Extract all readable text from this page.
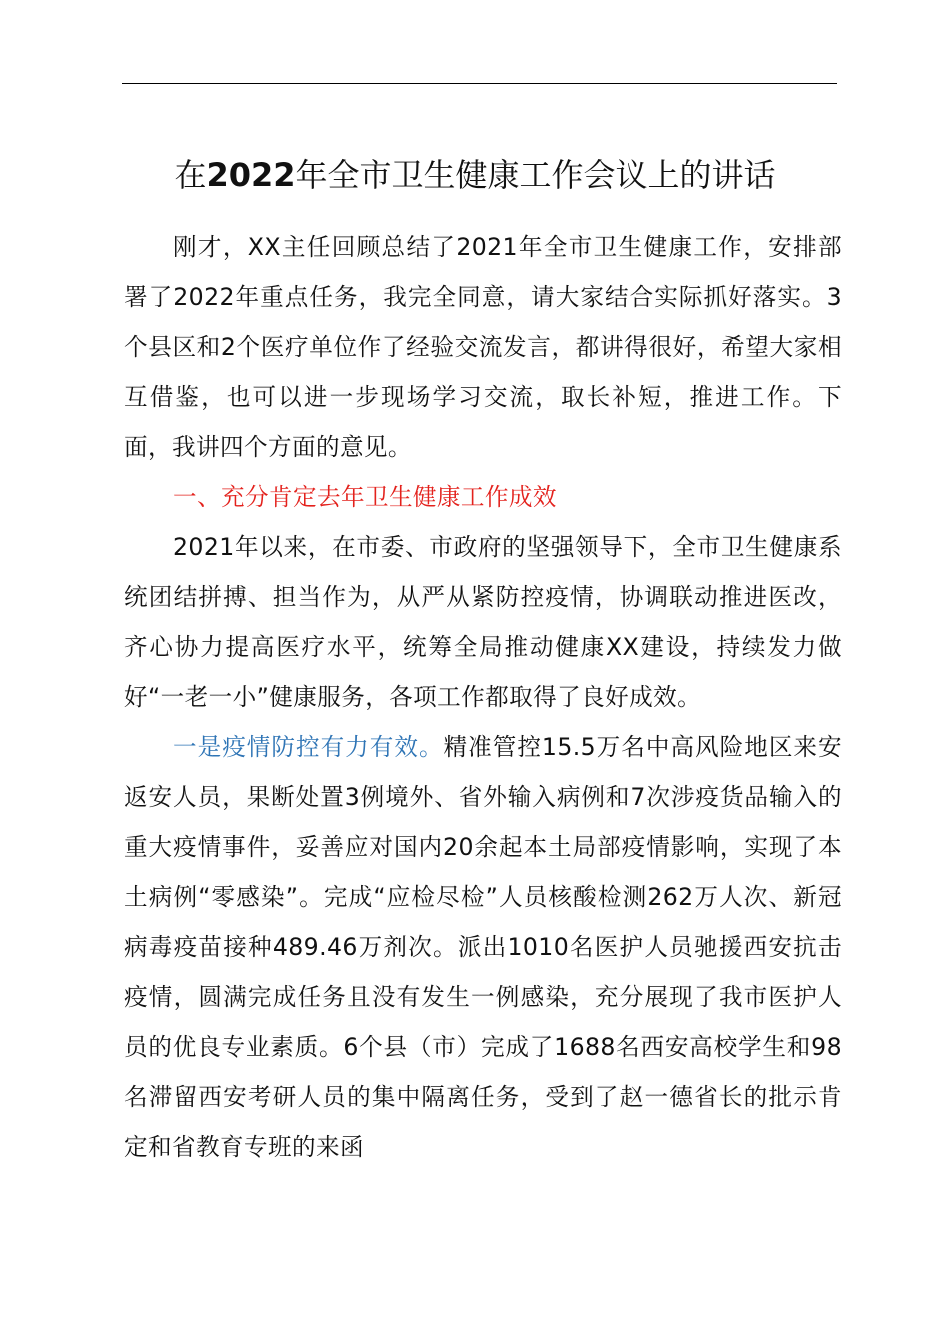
在2022年全市卫生健康工作会议上的讲话

刚才，XX主任回顾总结了2021年全市卫生健康工作，安排部署了2022年重点任务，我完全同意，请大家结合实际抓好落实。3个县区和2个医疗单位作了经验交流发言，都讲得很好，希望大家相互借鉴，也可以进一步现场学习交流，取长补短，推进工作。下面，我讲四个方面的意见。

一、充分肯定去年卫生健康工作成效

2021年以来，在市委、市政府的坚强领导下，全市卫生健康系统团结拼搏、担当作为，从严从紧防控疫情，协调联动推进医改，齐心协力提高医疗水平，统筹全局推动健康XX建设，持续发力做好“一老一小”健康服务，各项工作都取得了良好成效。

一是疫情防控有力有效。精准管控15.5万名中高风险地区来安返安人员，果断处置3例境外、省外输入病例和7次涉疫货品输入的重大疫情事件，妥善应对国内20余起本土局部疫情影响，实现了本土病例“零感染”。完成“应检尽检”人员核酸检测262万人次、新冠病毒疫苗接种489.46万剂次。派出1010名医护人员驰援西安抗击疫情，圆满完成任务且没有发生一例感染，充分展现了我市医护人员的优良专业素质。6个县（市）完成了1688名西安高校学生和98名滞留西安考研人员的集中隔离任务，受到了赵一德省长的批示肯定和省教育专班的来函
